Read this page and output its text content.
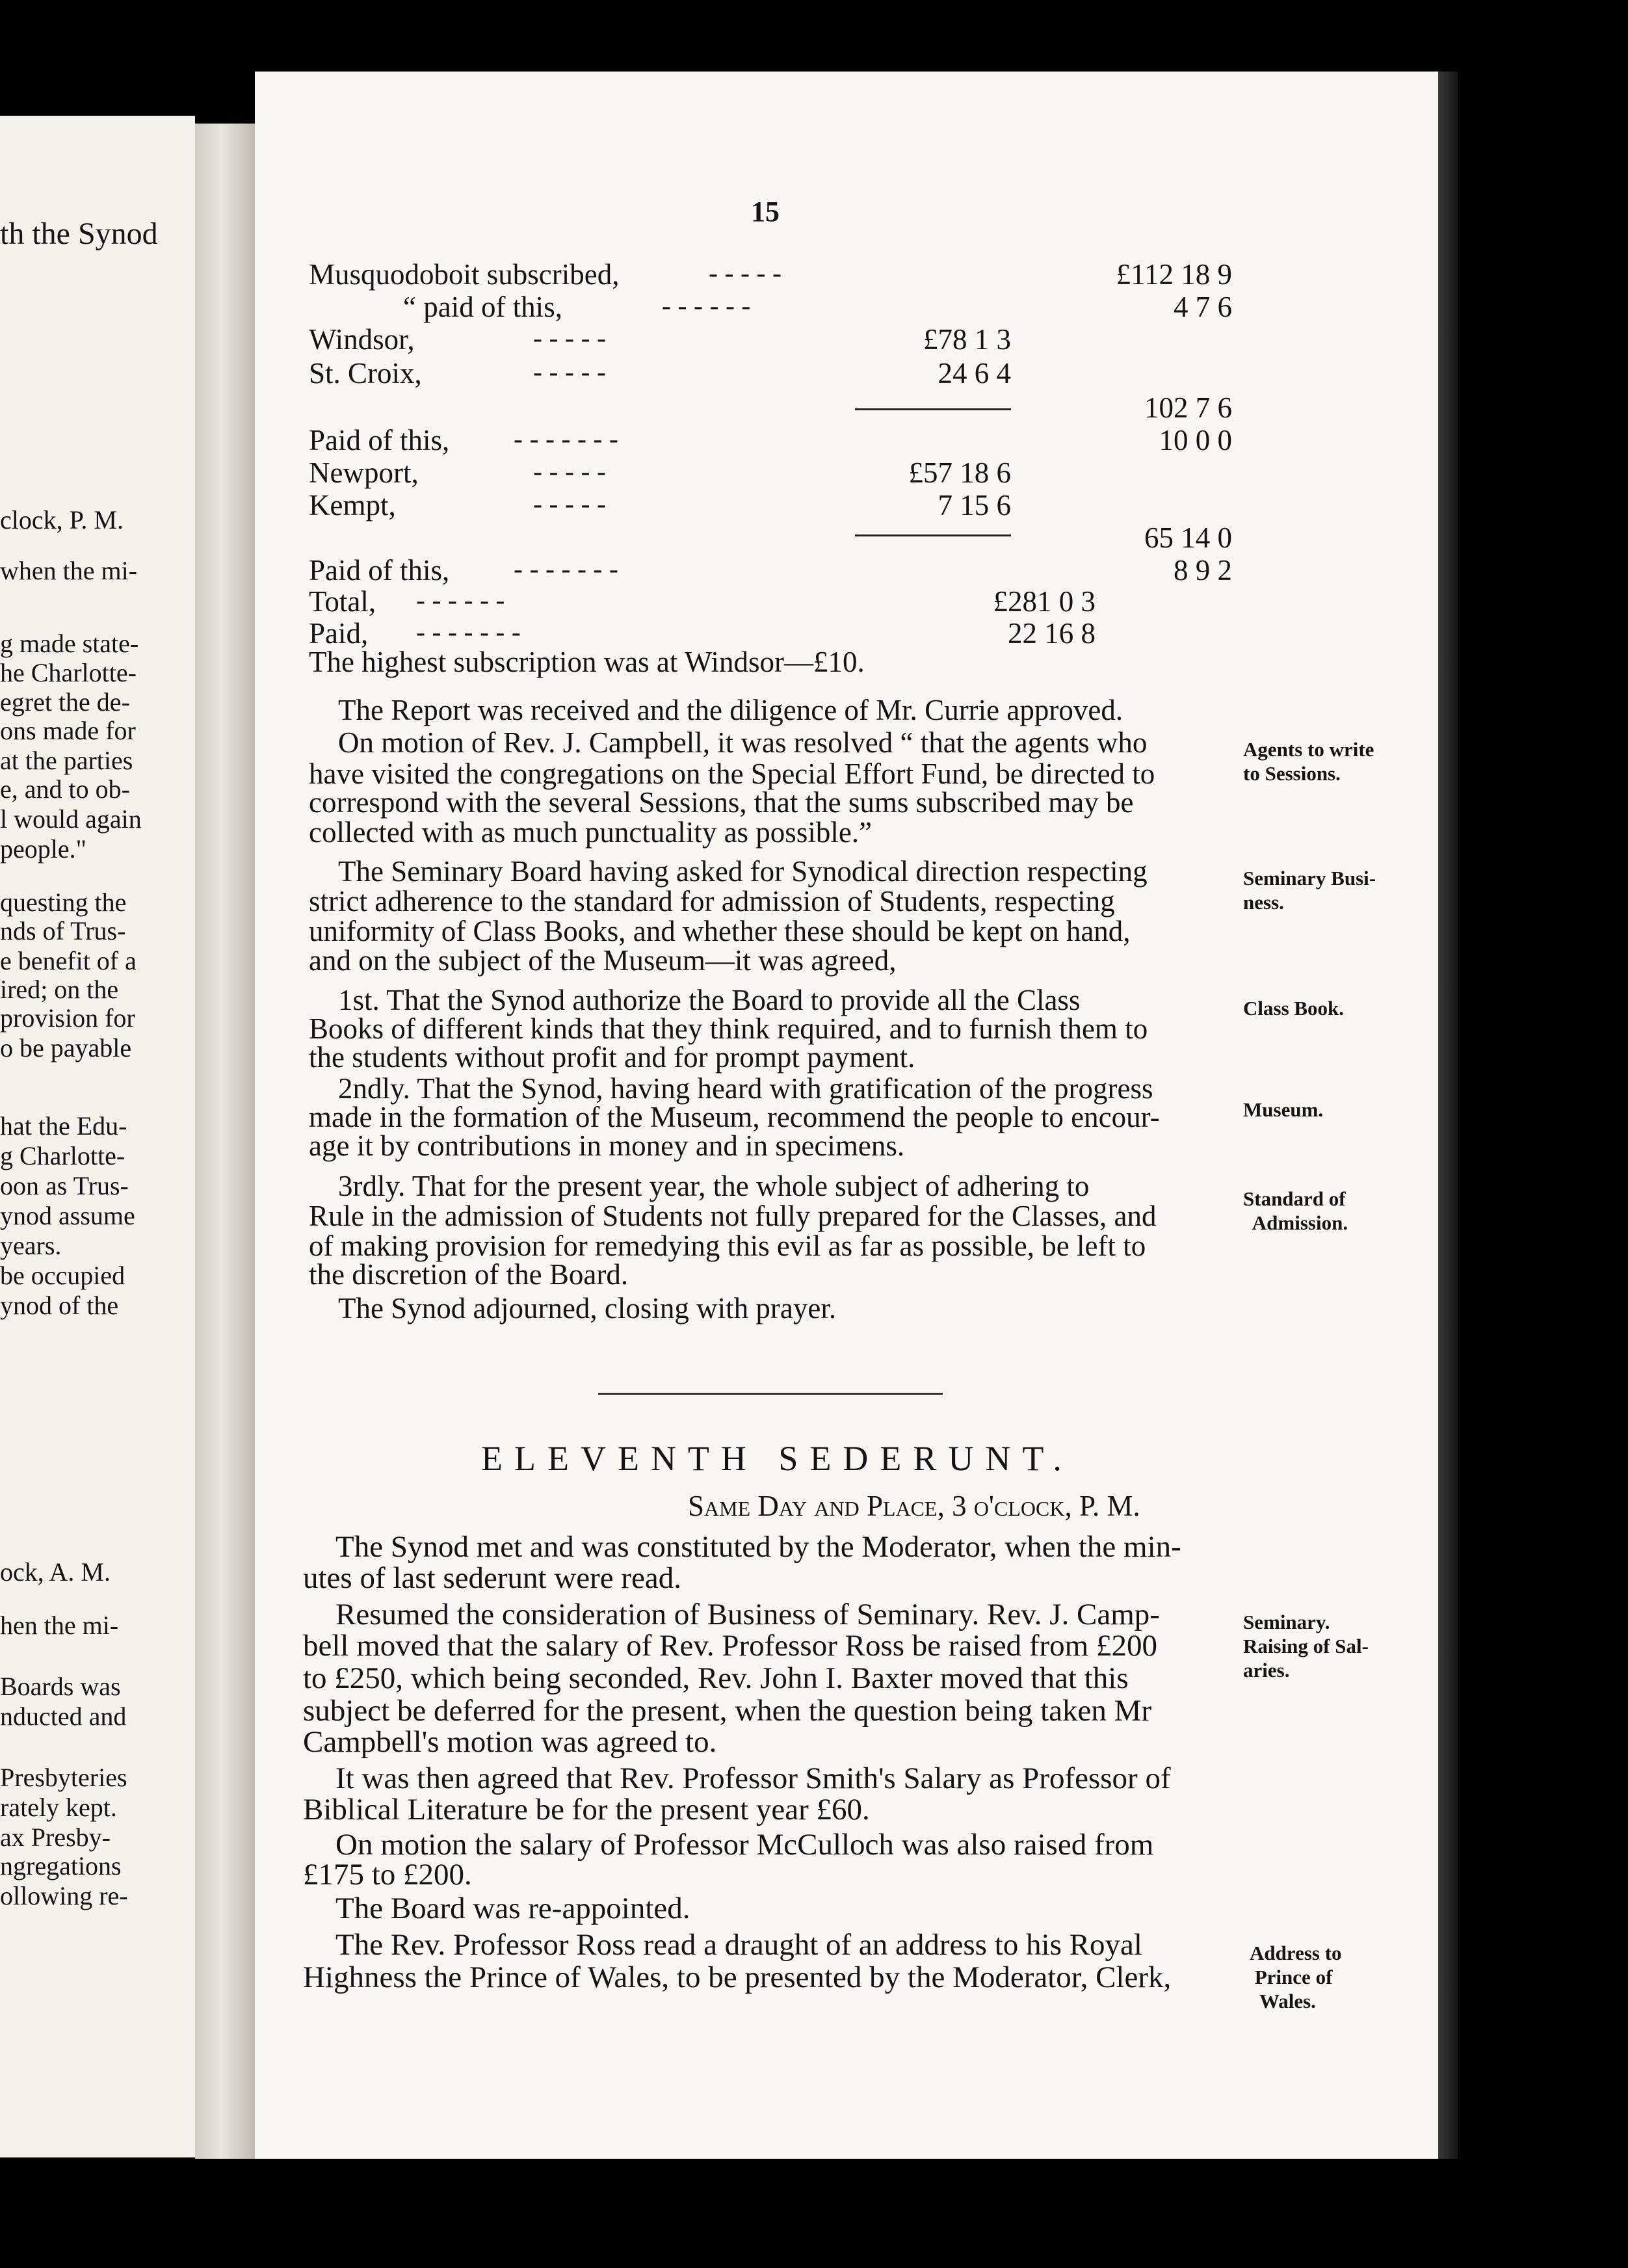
th the Synod
clock, P. M.
when the mi-
g made state-
he Charlotte-
egret the de-
ons made for
at the parties
e, and to ob-
l would again
people."
questing the
nds of Trus-
e benefit of a
ired; on the
provision for
o be payable
hat the Edu-
g Charlotte-
oon as Trus-
ynod assume
years.
be occupied
ynod of the
ock, A. M.
hen the mi-
Boards was
nducted and
Presbyteries
rately kept.
ax Presby-
ngregations
ollowing re-
15
Musquodoboit subscribed,	- - - - -	£112 18 9
“ paid of this,	- - - - - -	4 7 6
Windsor,	- - - - -	£78 1 3
St. Croix,	- - - - -	24 6 4
102 7 6
Paid of this, - - - - - - -	10 0 0
Newport,	- - - - -	£57 18 6
Kempt,	- - - - -	7 15 6
65 14 0
Paid of this, - - - - - - -	8 9 2
Total, - - - - - -	£281 0 3
Paid, - - - - - - -	22 16 8
The highest subscription was at Windsor—£10.
The Report was received and the diligence of Mr. Currie approved.
On motion of Rev. J. Campbell, it was resolved “ that the agents who
have visited the congregations on the Special Effort Fund, be directed to
correspond with the several Sessions, that the sums subscribed may be
collected with as much punctuality as possible.”
The Seminary Board having asked for Synodical direction respecting
strict adherence to the standard for admission of Students, respecting
uniformity of Class Books, and whether these should be kept on hand,
and on the subject of the Museum—it was agreed,
1st. That the Synod authorize the Board to provide all the Class
Books of different kinds that they think required, and to furnish them to
the students without profit and for prompt payment.
2ndly. That the Synod, having heard with gratification of the progress
made in the formation of the Museum, recommend the people to encour-
age it by contributions in money and in specimens.
3rdly. That for the present year, the whole subject of adhering to
Rule in the admission of Students not fully prepared for the Classes, and
of making provision for remedying this evil as far as possible, be left to
the discretion of the Board.
The Synod adjourned, closing with prayer.
Agents to write
to Sessions.
Seminary Busi-
ness.
Class Book.
Museum.
Standard of
Admission.
Seminary.
Raising of Sal-
aries.
Address to
Prince of
Wales.
ELEVENTH SEDERUNT.
Same Day and Place, 3 o'clock, P. M.
The Synod met and was constituted by the Moderator, when the min-
utes of last sederunt were read.
Resumed the consideration of Business of Seminary. Rev. J. Camp-
bell moved that the salary of Rev. Professor Ross be raised from £200
to £250, which being seconded, Rev. John I. Baxter moved that this
subject be deferred for the present, when the question being taken Mr
Campbell's motion was agreed to.
It was then agreed that Rev. Professor Smith's Salary as Professor of
Biblical Literature be for the present year £60.
On motion the salary of Professor McCulloch was also raised from
£175 to £200.
The Board was re-appointed.
The Rev. Professor Ross read a draught of an address to his Royal
Highness the Prince of Wales, to be presented by the Moderator, Clerk,
